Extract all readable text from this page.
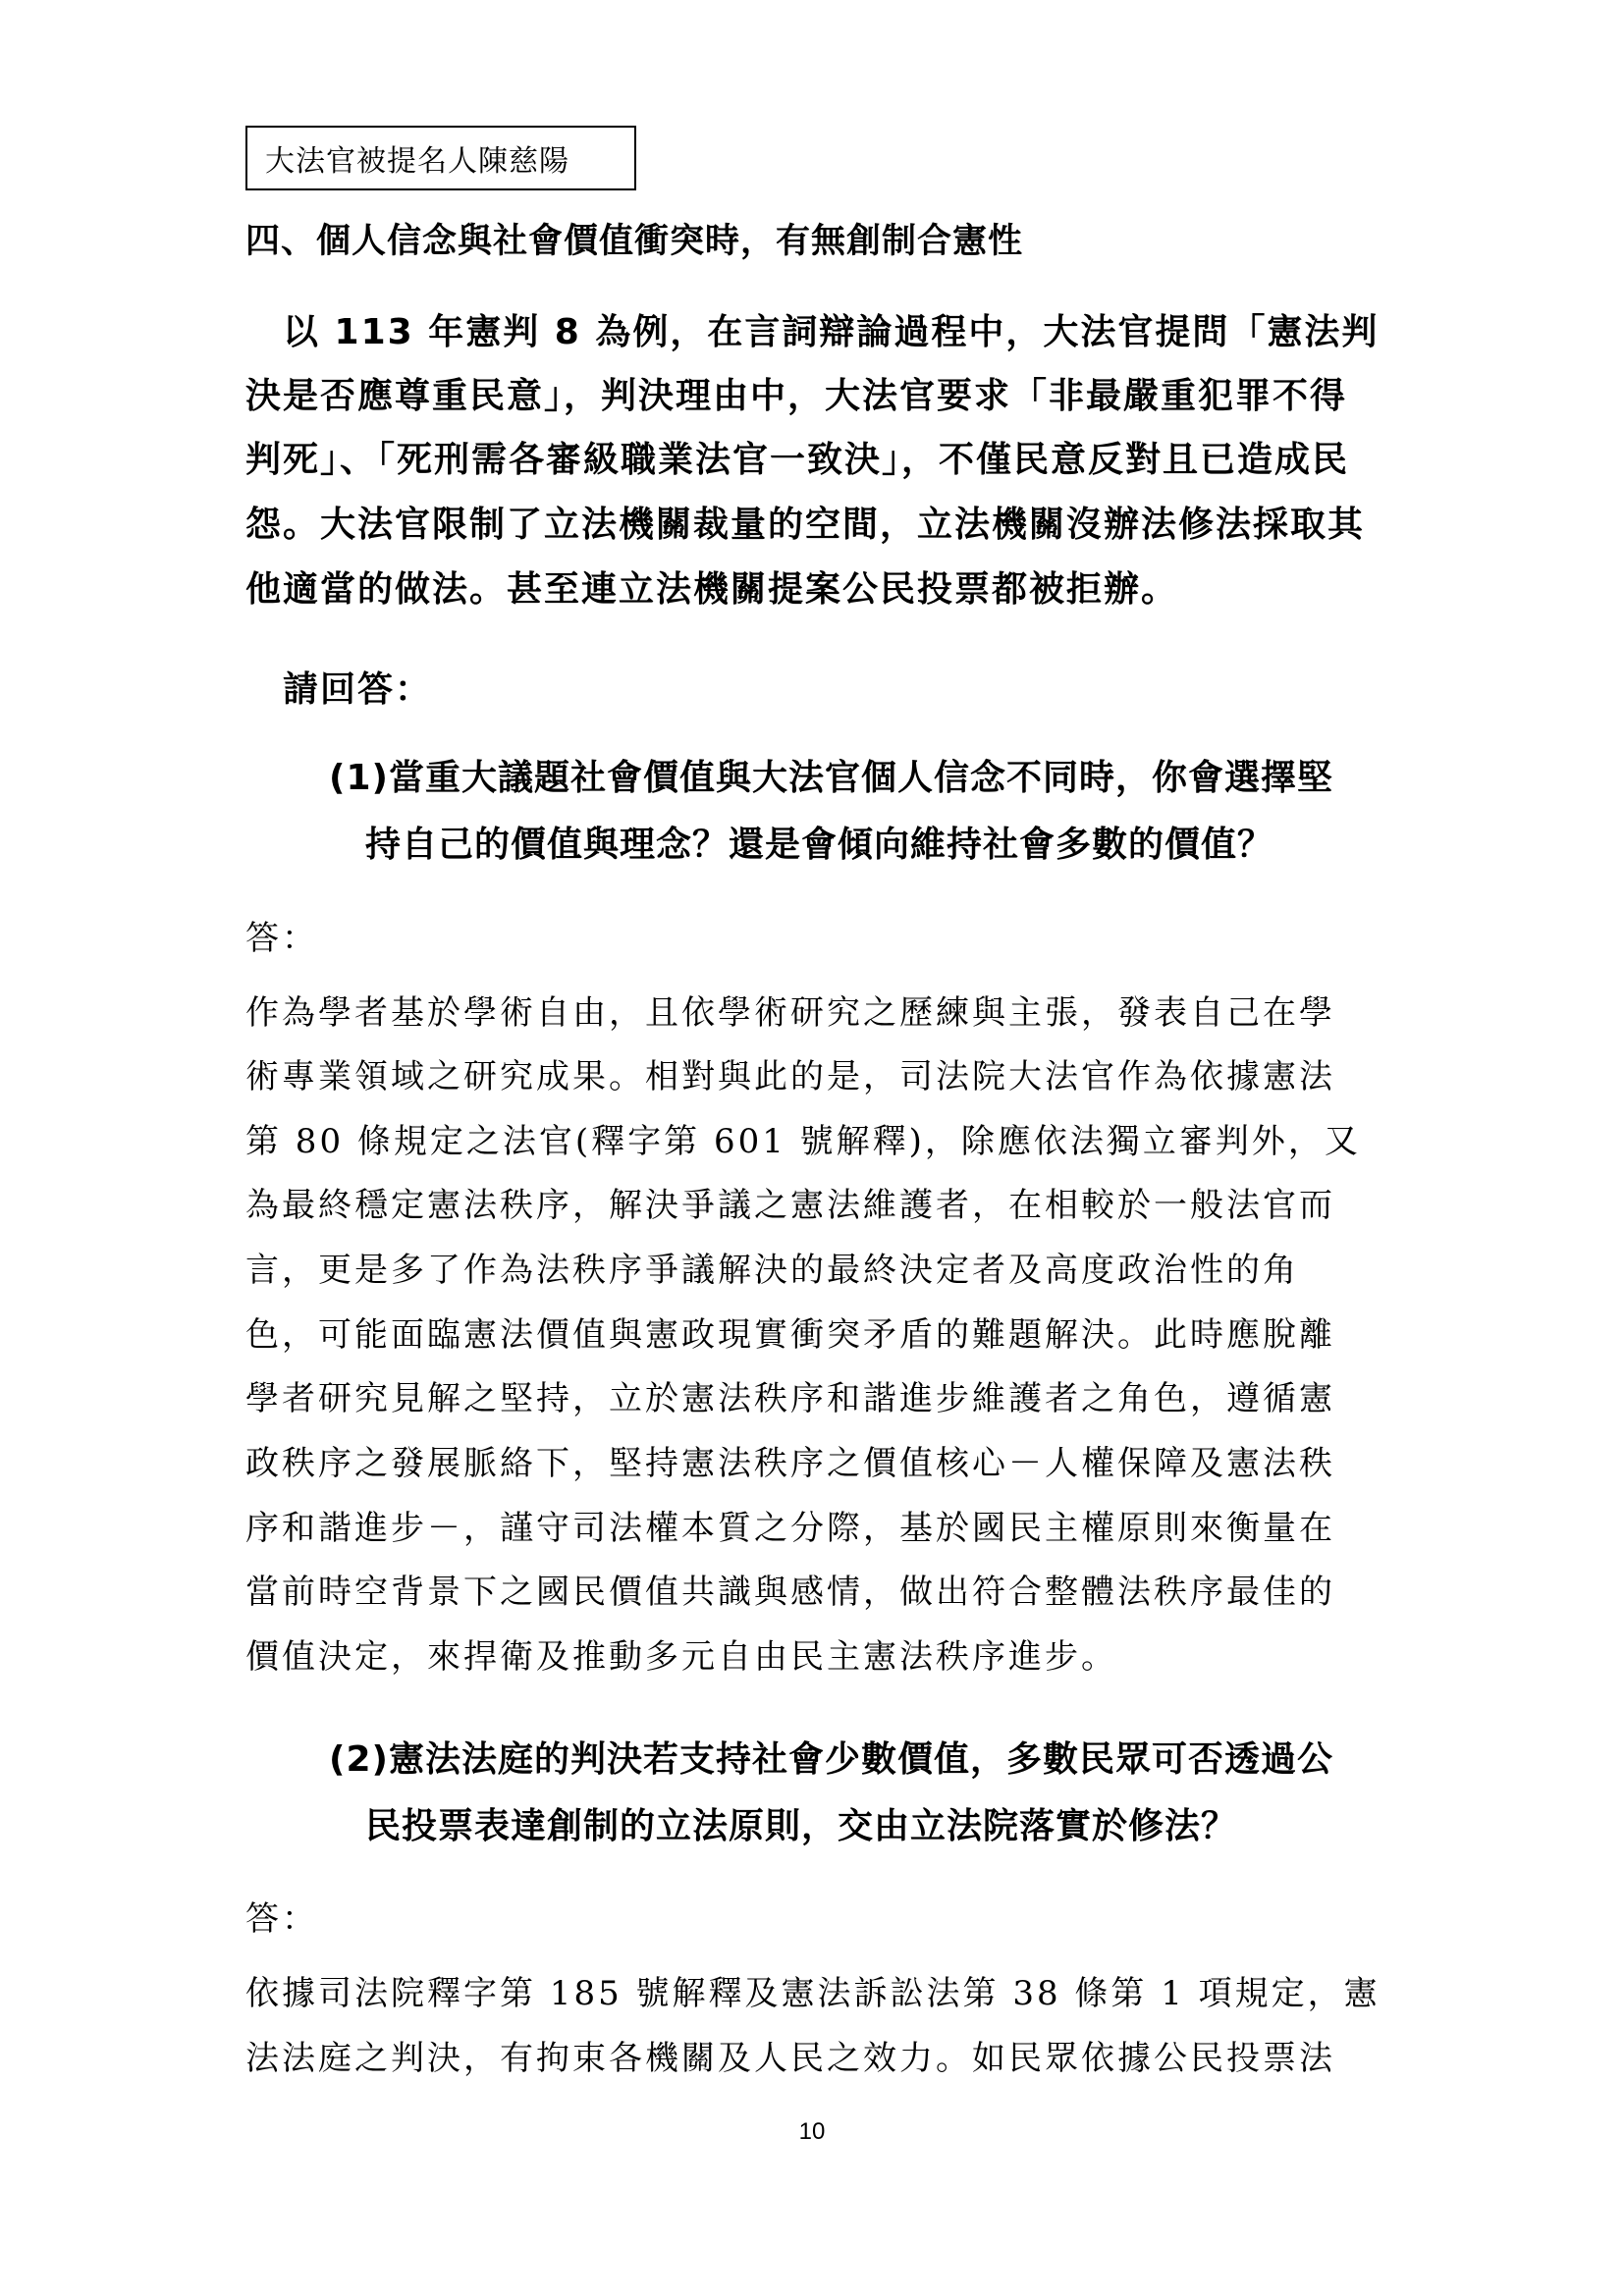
大法官被提名人陳慈陽
四、個人信念與社會價值衝突時，有無創制合憲性
　以 113 年憲判 8 為例，在言詞辯論過程中，大法官提問「憲法判
決是否應尊重民意」，判決理由中，大法官要求「非最嚴重犯罪不得
判死」、「死刑需各審級職業法官一致決」，不僅民意反對且已造成民
怨。大法官限制了立法機關裁量的空間，立法機關沒辦法修法採取其
他適當的做法。甚至連立法機關提案公民投票都被拒辦。
　請回答：
(1)當重大議題社會價值與大法官個人信念不同時，你會選擇堅
　持自己的價值與理念？還是會傾向維持社會多數的價值？
答：
作為學者基於學術自由，且依學術研究之歷練與主張，發表自己在學
術專業領域之研究成果。相對與此的是，司法院大法官作為依據憲法
第 80 條規定之法官(釋字第 601 號解釋)，除應依法獨立審判外，又
為最終穩定憲法秩序，解決爭議之憲法維護者，在相較於一般法官而
言，更是多了作為法秩序爭議解決的最終決定者及高度政治性的角
色，可能面臨憲法價值與憲政現實衝突矛盾的難題解決。此時應脫離
學者研究見解之堅持，立於憲法秩序和諧進步維護者之角色，遵循憲
政秩序之發展脈絡下，堅持憲法秩序之價值核心－人權保障及憲法秩
序和諧進步－，謹守司法權本質之分際，基於國民主權原則來衡量在
當前時空背景下之國民價值共識與感情，做出符合整體法秩序最佳的
價值決定，來捍衛及推動多元自由民主憲法秩序進步。
(2)憲法法庭的判決若支持社會少數價值，多數民眾可否透過公
　民投票表達創制的立法原則，交由立法院落實於修法？
答：
依據司法院釋字第 185 號解釋及憲法訴訟法第 38 條第 1 項規定，憲
法法庭之判決，有拘束各機關及人民之效力。如民眾依據公民投票法
10
